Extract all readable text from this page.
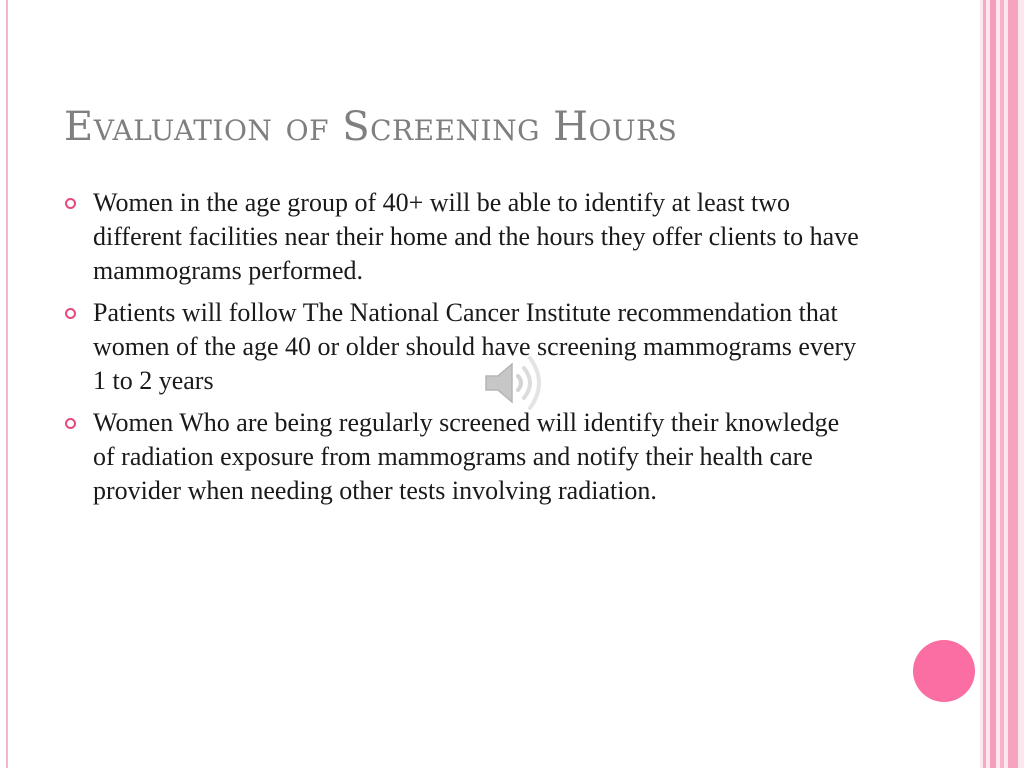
Evaluation of Screening Hours
Women in the age group of 40+ will be able to identify at least two different facilities near their home and the hours they offer clients to have mammograms performed.
Patients will follow The National Cancer Institute recommendation that women of the age 40 or older should have screening mammograms every 1 to 2 years
Women Who are being regularly screened will identify their knowledge of radiation exposure from mammograms and notify their health care provider when needing other tests involving radiation.
